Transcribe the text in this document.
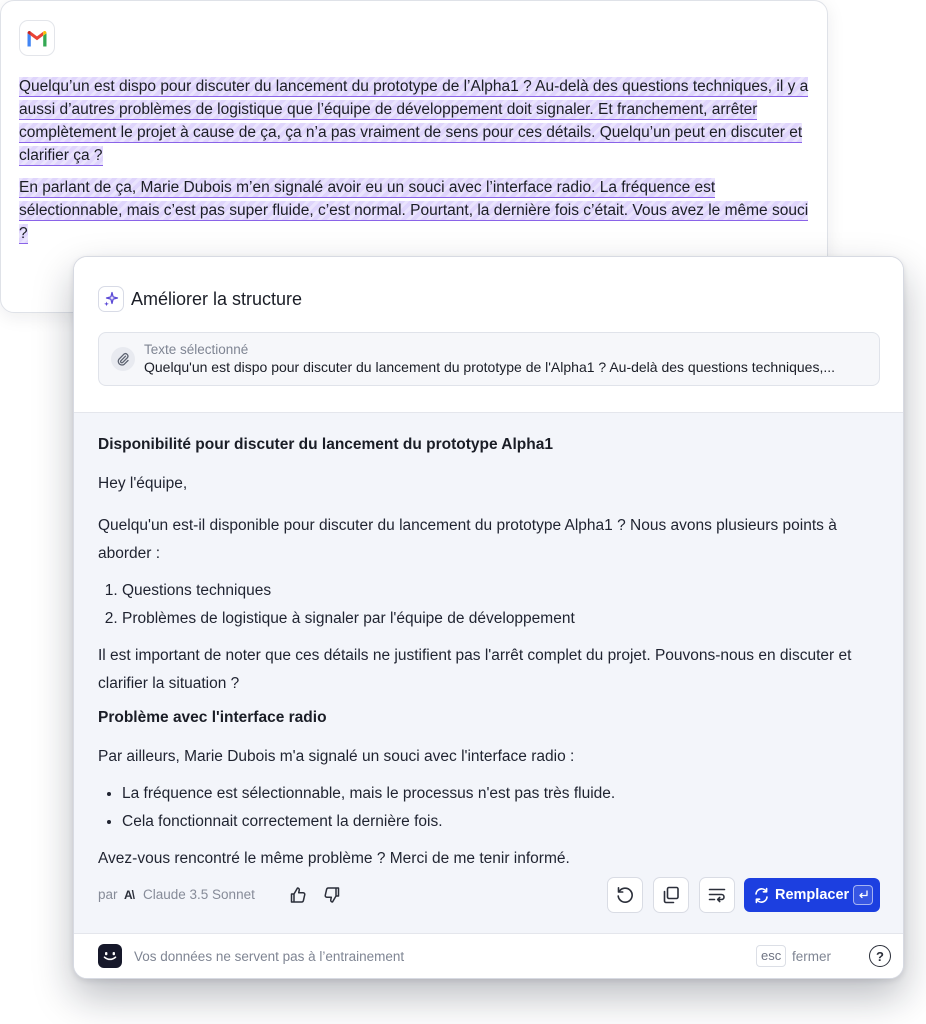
Quelqu’un est dispo pour discuter du lancement du prototype de l’Alpha1 ? Au-delà des questions techniques, il y a aussi d’autres problèmes de logistique que l’équipe de développement doit signaler. Et franchement, arrêter complètement le projet à cause de ça, ça n’a pas vraiment de sens pour ces détails. Quelqu’un peut en discuter et clarifier ça ?

En parlant de ça, Marie Dubois m’en signalé avoir eu un souci avec l’interface radio. La fréquence est sélectionnable, mais c’est pas super fluide, c’est normal. Pourtant, la dernière fois c’était. Vous avez le même souci ?

Améliorer la structure
Texte sélectionné
Quelqu'un est dispo pour discuter du lancement du prototype de l'Alpha1 ? Au-delà des questions techniques,...
Disponibilité pour discuter du lancement du prototype Alpha1

Hey l'équipe,

Quelqu'un est-il disponible pour discuter du lancement du prototype Alpha1 ? Nous avons plusieurs points à aborder :

1. Questions techniques
2. Problèmes de logistique à signaler par l'équipe de développement

Il est important de noter que ces détails ne justifient pas l'arrêt complet du projet. Pouvons-nous en discuter et clarifier la situation ?

Problème avec l'interface radio

Par ailleurs, Marie Dubois m'a signalé un souci avec l'interface radio :

• La fréquence est sélectionnable, mais le processus n'est pas très fluide.
• Cela fonctionnait correctement la dernière fois.

Avez-vous rencontré le même problème ? Merci de me tenir informé.

par A\ Claude 3.5 Sonnet	Remplacer
Vos données ne servent pas à l’entrainement	esc fermer	?
